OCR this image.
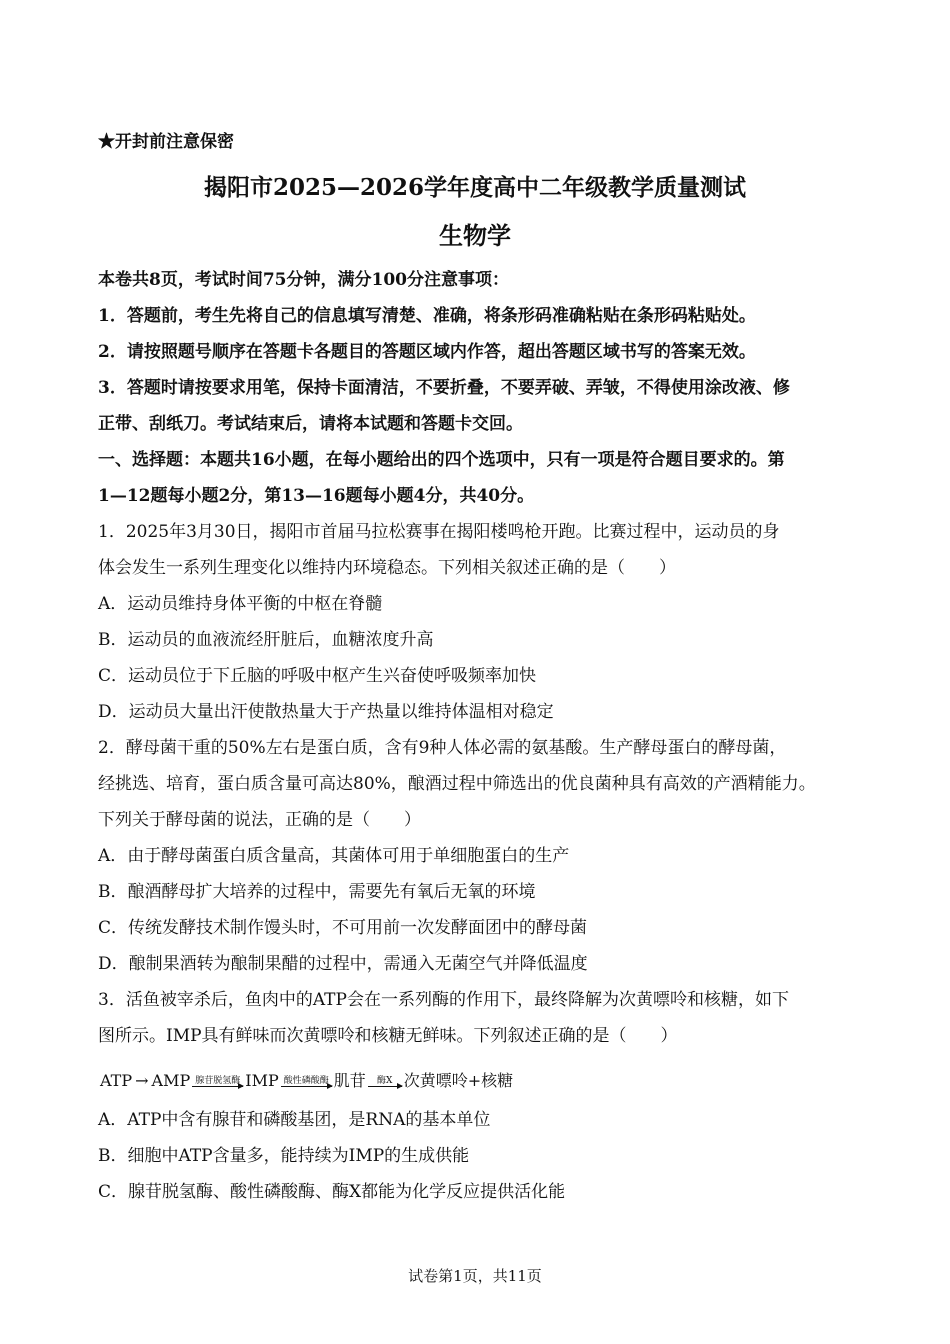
★开封前注意保密
揭阳市2025—2026学年度高中二年级教学质量测试
生物学
本卷共8页，考试时间75分钟，满分100分注意事项：
1．答题前，考生先将自己的信息填写清楚、准确，将条形码准确粘贴在条形码粘贴处。
2．请按照题号顺序在答题卡各题目的答题区域内作答，超出答题区域书写的答案无效。
3．答题时请按要求用笔，保持卡面清洁，不要折叠，不要弄破、弄皱，不得使用涂改液、修
正带、刮纸刀。考试结束后，请将本试题和答题卡交回。
一、选择题：本题共16小题，在每小题给出的四个选项中，只有一项是符合题目要求的。第
1—12题每小题2分，第13—16题每小题4分，共40分。
1．2025年3月30日，揭阳市首届马拉松赛事在揭阳楼鸣枪开跑。比赛过程中，运动员的身
体会发生一系列生理变化以维持内环境稳态。下列相关叙述正确的是（　　）
A．运动员维持身体平衡的中枢在脊髓
B．运动员的血液流经肝脏后，血糖浓度升高
C．运动员位于下丘脑的呼吸中枢产生兴奋使呼吸频率加快
D．运动员大量出汗使散热量大于产热量以维持体温相对稳定
2．酵母菌干重的50%左右是蛋白质，含有9种人体必需的氨基酸。生产酵母蛋白的酵母菌，
经挑选、培育，蛋白质含量可高达80%，酿酒过程中筛选出的优良菌种具有高效的产酒精能力。
下列关于酵母菌的说法，正确的是（　　）
A．由于酵母菌蛋白质含量高，其菌体可用于单细胞蛋白的生产
B．酿酒酵母扩大培养的过程中，需要先有氧后无氧的环境
C．传统发酵技术制作馒头时，不可用前一次发酵面团中的酵母菌
D．酿制果酒转为酿制果醋的过程中，需通入无菌空气并降低温度
3．活鱼被宰杀后，鱼肉中的ATP会在一系列酶的作用下，最终降解为次黄嘌呤和核糖，如下
图所示。IMP具有鲜味而次黄嘌呤和核糖无鲜味。下列叙述正确的是（　　）
ATP → AMP 腺苷脱氢酶 IMP 酸性磷酸酶 肌苷	酶X 次黄嘌呤+核糖
A．ATP中含有腺苷和磷酸基团，是RNA的基本单位
B．细胞中ATP含量多，能持续为IMP的生成供能
C．腺苷脱氢酶、酸性磷酸酶、酶X都能为化学反应提供活化能
试卷第1页，共11页
